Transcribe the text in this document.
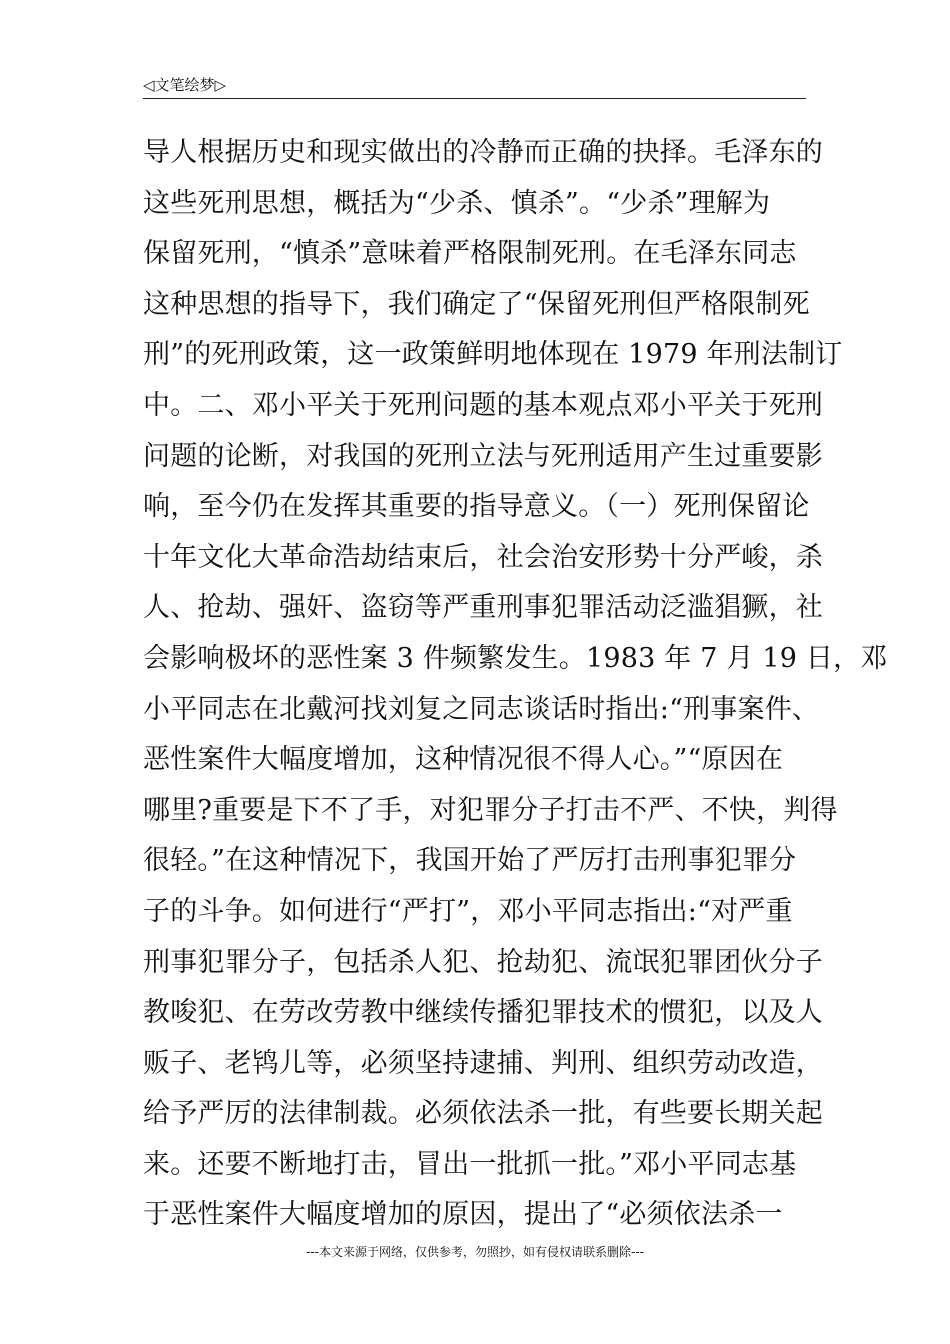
◁文笔绘梦▷
导人根据历史和现实做出的冷静而正确的抉择。毛泽东的
这些死刑思想，概括为“少杀、慎杀”。“少杀”理解为
保留死刑，“慎杀”意味着严格限制死刑。在毛泽东同志
这种思想的指导下，我们确定了“保留死刑但严格限制死
刑”的死刑政策，这一政策鲜明地体现在 1979 年刑法制订
中。二、邓小平关于死刑问题的基本观点邓小平关于死刑
问题的论断，对我国的死刑立法与死刑适用产生过重要影
响，至今仍在发挥其重要的指导意义。（一）死刑保留论
十年文化大革命浩劫结束后，社会治安形势十分严峻，杀
人、抢劫、强奸、盗窃等严重刑事犯罪活动泛滥猖獗，社
会影响极坏的恶性案 3 件频繁发生。1983 年 7 月 19 日，邓
小平同志在北戴河找刘复之同志谈话时指出:“刑事案件、
恶性案件大幅度增加，这种情况很不得人心。”“原因在
哪里?重要是下不了手，对犯罪分子打击不严、不快，判得
很轻。”在这种情况下，我国开始了严厉打击刑事犯罪分
子的斗争。如何进行“严打”，邓小平同志指出:“对严重
刑事犯罪分子，包括杀人犯、抢劫犯、流氓犯罪团伙分子
教唆犯、在劳改劳教中继续传播犯罪技术的惯犯，以及人
贩子、老鸨儿等，必须坚持逮捕、判刑、组织劳动改造，
给予严厉的法律制裁。必须依法杀一批，有些要长期关起
来。还要不断地打击，冒出一批抓一批。”邓小平同志基
于恶性案件大幅度增加的原因，提出了“必须依法杀一
---本文来源于网络，仅供参考，勿照抄，如有侵权请联系删除---
